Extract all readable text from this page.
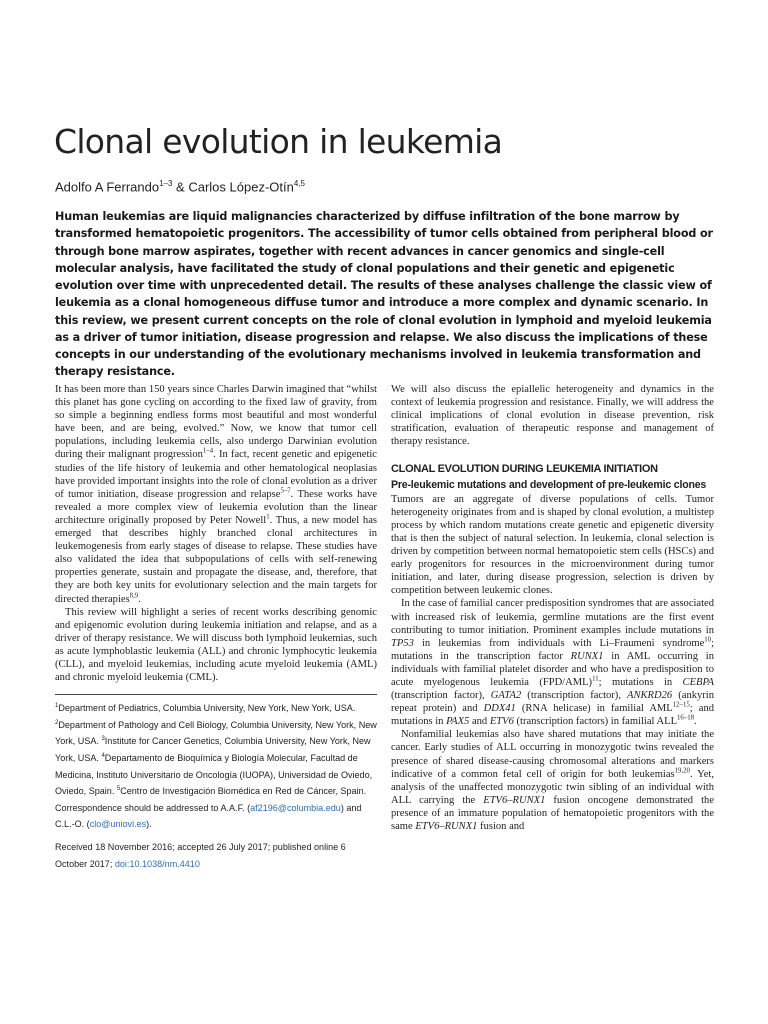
Clonal evolution in leukemia
Adolfo A Ferrando$^{1-3}$ & Carlos López-Otín$^{4,5}$

Human leukemias are liquid malignancies characterized by diffuse infiltration of the bone marrow by transformed hematopoietic progenitors. The accessibility of tumor cells obtained from peripheral blood or through bone marrow aspirates, together with recent advances in cancer genomics and single-cell molecular analysis, have facilitated the study of clonal populations and their genetic and epigenetic evolution over time with unprecedented detail. The results of these analyses challenge the classic view of leukemia as a clonal homogeneous diffuse tumor and introduce a more complex and dynamic scenario. In this review, we present current concepts on the role of clonal evolution in lymphoid and myeloid leukemia as a driver of tumor initiation, disease progression and relapse. We also discuss the implications of these concepts in our understanding of the evolutionary mechanisms involved in leukemia transformation and therapy resistance.

It has been more than 150 years since Charles Darwin imagined that “whilst this planet has gone cycling on according to the fixed law of gravity, from so simple a beginning endless forms most beautiful and most wonderful have been, and are being, evolved.” Now, we know that tumor cell populations, including leukemia cells, also undergo Darwinian evolution during their malignant progression$^{1-4}$. In fact, recent genetic and epigenetic studies of the life history of leukemia and other hematological neoplasias have provided important insights into the role of clonal evolution as a driver of tumor initiation, disease progression and relapse$^{5-7}$. These works have revealed a more complex view of leukemia evolution than the linear architecture originally proposed by Peter Nowell$^1$. Thus, a new model has emerged that describes highly branched clonal architectures in leukemogenesis from early stages of disease to relapse. These studies have also validated the idea that subpopulations of cells with self-renewing properties generate, sustain and propagate the disease, and, therefore, that they are both key units for evolutionary selection and the main targets for directed therapies$^{8,9}$.

This review will highlight a series of recent works describing genomic and epigenomic evolution during leukemia initiation and relapse, and as a driver of therapy resistance. We will discuss both lymphoid leukemias, such as acute lymphoblastic leukemia (ALL) and chronic lymphocytic leukemia (CLL), and myeloid leukemias, including acute myeloid leukemia (AML) and chronic myeloid leukemia (CML).

$^1$Department of Pediatrics, Columbia University, New York, New York, USA. $^2$Department of Pathology and Cell Biology, Columbia University, New York, New York, USA. $^3$Institute for Cancer Genetics, Columbia University, New York, New York, USA. $^4$Departamento de Bioquímica y Biología Molecular, Facultad de Medicina, Instituto Universitario de Oncología (IUOPA), Universidad de Oviedo, Oviedo, Spain. $^5$Centro de Investigación Biomédica en Red de Cáncer, Spain. Correspondence should be addressed to A.A.F. (af2196@columbia.edu) and C.L.-O. (clo@uniovi.es).
Received 18 November 2016; accepted 26 July 2017; published online 6 October 2017; doi:10.1038/nm.4410

We will also discuss the epiallelic heterogeneity and dynamics in the context of leukemia progression and resistance. Finally, we will address the clinical implications of clonal evolution in disease prevention, risk stratification, evaluation of therapeutic response and management of therapy resistance.

CLONAL EVOLUTION DURING LEUKEMIA INITIATION
Pre-leukemic mutations and development of pre-leukemic clones

Tumors are an aggregate of diverse populations of cells. Tumor heterogeneity originates from and is shaped by clonal evolution, a multistep process by which random mutations create genetic and epigenetic diversity that is then the subject of natural selection. In leukemia, clonal selection is driven by competition between normal hematopoietic stem cells (HSCs) and early progenitors for resources in the microenvironment during tumor initiation, and later, during disease progression, selection is driven by competition between leukemic clones.

In the case of familial cancer predisposition syndromes that are associated with increased risk of leukemia, germline mutations are the first event contributing to tumor initiation. Prominent examples include mutations in TP53 in leukemias from individuals with Li–Fraumeni syndrome$^{10}$; mutations in the transcription factor RUNX1 in AML occurring in individuals with familial platelet disorder and who have a predisposition to acute myelogenous leukemia $(FPD/AML)^{11}$; mutations in CEBPA (transcription factor), GATA2 (transcription factor), ANKRD26 (ankyrin repeat protein) and DDX41 (RNA helicase) in familial AML$^{12-15}$; and mutations in PAX5 and ETV6 (transcription factors) in familial ALL$^{16-18}$.

Nonfamilial leukemias also have shared mutations that may initiate the cancer. Early studies of ALL occurring in monozygotic twins revealed the presence of shared disease-causing chromosomal alterations and markers indicative of a common fetal cell of origin for both leukemias$^{19,20}$. Yet, analysis of the unaffected monozygotic twin sibling of an individual with ALL carrying the ETV6–RUNX1 fusion oncogene demonstrated the presence of an immature population of hematopoietic progenitors with the same ETV6–RUNX1 fusion and
